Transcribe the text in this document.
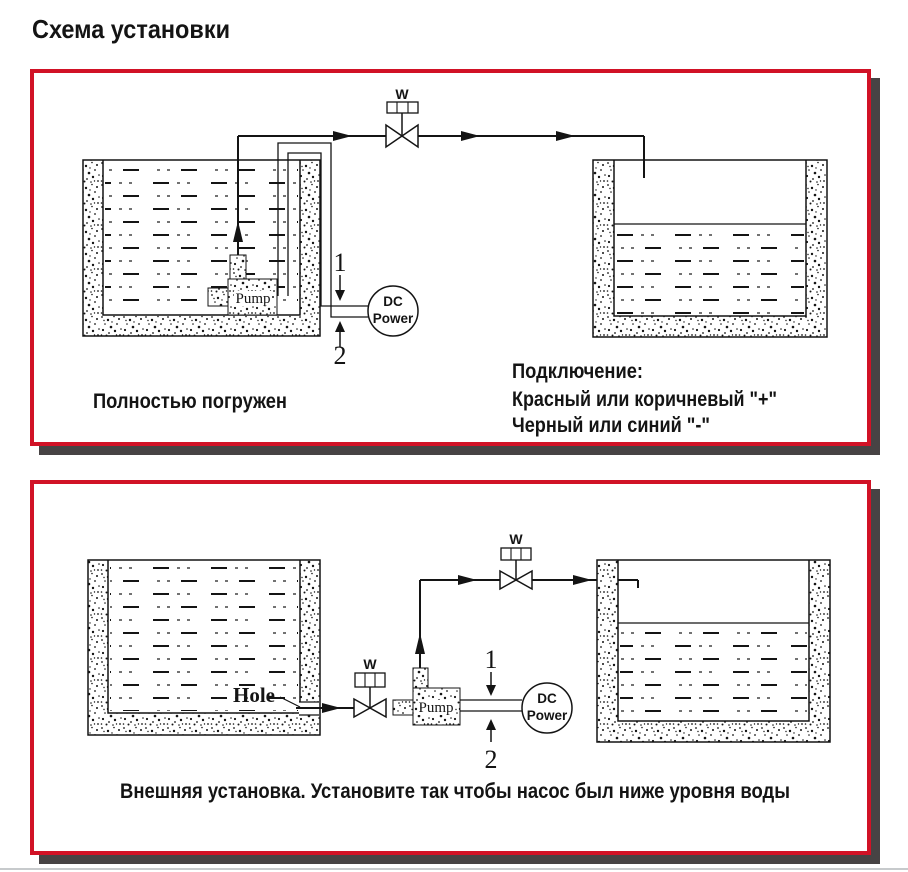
Схема установки
Pump
W
DC
Power
1
2
Полностью погружен
Подключение:
Красный или коричневый "+"
Черный или синий "-"
Hole
W
Pump
W
DC
Power
1
2
Внешняя установка. Установите так чтобы насос был ниже уровня воды
